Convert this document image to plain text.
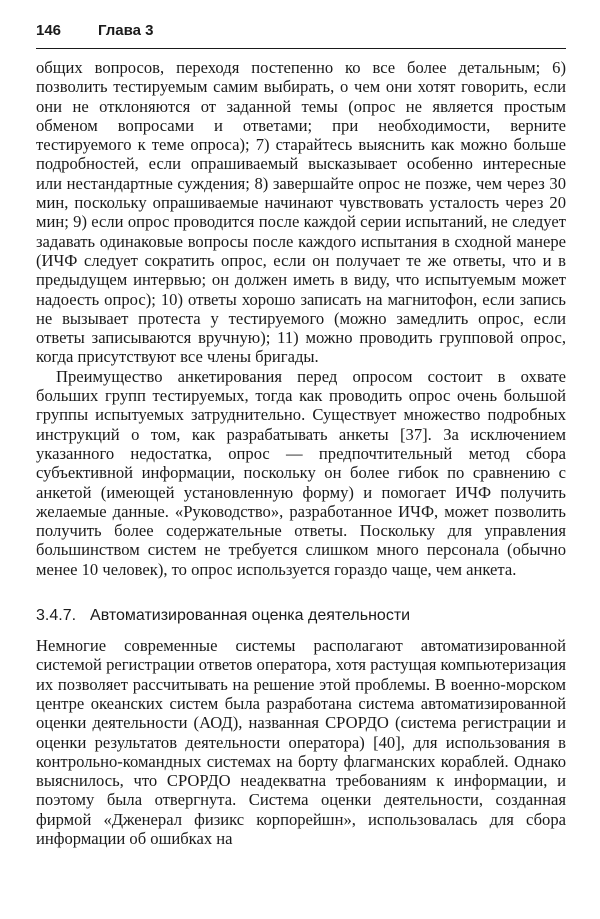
146	Глава 3

общих вопросов, переходя постепенно ко все более детальным; 6) позволить тестируемым самим выбирать, о чем они хотят говорить, если они не отклоняются от заданной темы (опрос не является простым обменом вопросами и ответами; при необходимости, верните тестируемого к теме опроса); 7) старайтесь выяснить как можно больше подробностей, если опрашиваемый высказывает особенно интересные или нестандартные суждения; 8) завершайте опрос не позже, чем через 30 мин, поскольку опрашиваемые начинают чувствовать усталость через 20 мин; 9) если опрос проводится после каждой серии испытаний, не следует задавать одинаковые вопросы после каждого испытания в сходной манере (ИЧФ следует сократить опрос, если он получает те же ответы, что и в предыдущем интервью; он должен иметь в виду, что испытуемым может надоесть опрос); 10) ответы хорошо записать на магнитофон, если запись не вызывает протеста у тестируемого (можно замедлить опрос, если ответы записываются вручную); 11) можно проводить групповой опрос, когда присутствуют все члены бригады.

Преимущество анкетирования перед опросом состоит в охвате больших групп тестируемых, тогда как проводить опрос очень большой группы испытуемых затруднительно. Существует множество подробных инструкций о том, как разрабатывать анкеты [37]. За исключением указанного недостатка, опрос — предпочтительный метод сбора субъективной информации, поскольку он более гибок по сравнению с анкетой (имеющей установленную форму) и помогает ИЧФ получить желаемые данные. «Руководство», разработанное ИЧФ, может позволить получить более содержательные ответы. Поскольку для управления большинством систем не требуется слишком много персонала (обычно менее 10 человек), то опрос используется гораздо чаще, чем анкета.

3.4.7. Автоматизированная оценка деятельности

Немногие современные системы располагают автоматизированной системой регистрации ответов оператора, хотя растущая компьютеризация их позволяет рассчитывать на решение этой проблемы. В военно-морском центре океанских систем была разработана система автоматизированной оценки деятельности (АОД), названная СРОРДО (система регистрации и оценки результатов деятельности оператора) [40], для использования в контрольно-командных системах на борту флагманских кораблей. Однако выяснилось, что СРОРДО неадекватна требованиям к информации, и поэтому была отвергнута. Система оценки деятельности, созданная фирмой «Дженерал физикс корпорейшн», использовалась для сбора информации об ошибках на
